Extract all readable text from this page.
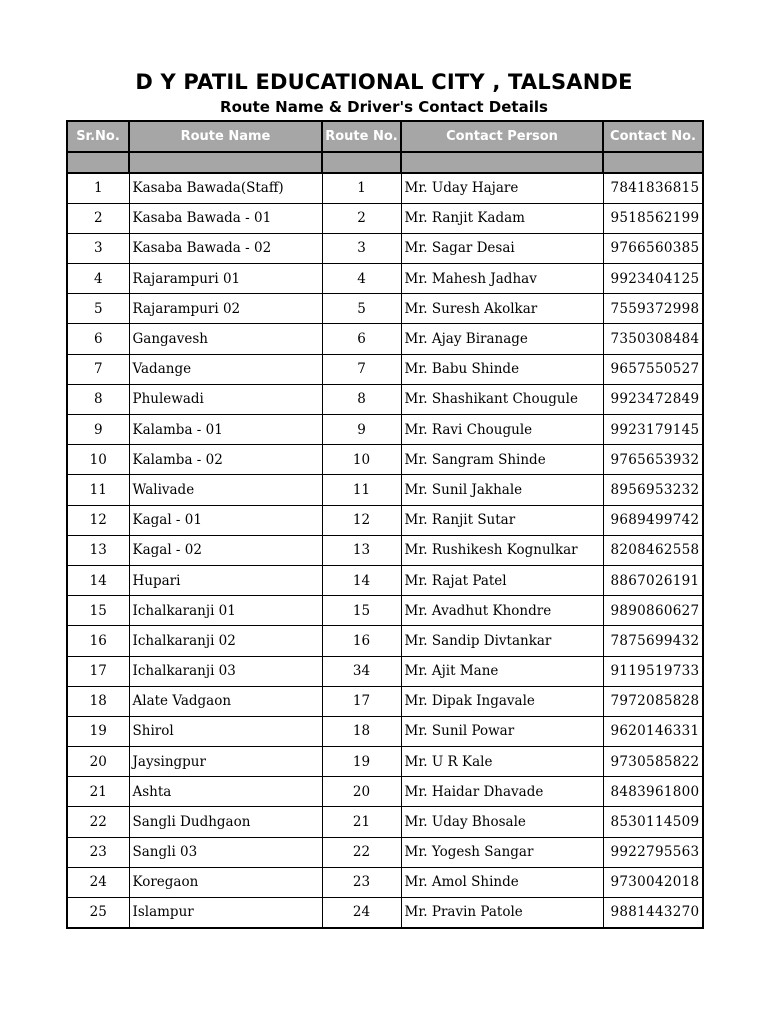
D Y PATIL EDUCATIONAL CITY , TALSANDE
Route Name & Driver's Contact Details
Sr.No.	Route Name	Route No.	Contact Person	Contact No.

1	Kasaba Bawada(Staff)	1	Mr. Uday Hajare	7841836815
2	Kasaba Bawada - 01	2	Mr. Ranjit Kadam	9518562199
3	Kasaba Bawada - 02	3	Mr. Sagar Desai	9766560385
4	Rajarampuri 01	4	Mr. Mahesh Jadhav	9923404125
5	Rajarampuri 02	5	Mr. Suresh Akolkar	7559372998
6	Gangavesh	6	Mr. Ajay Biranage	7350308484
7	Vadange	7	Mr. Babu Shinde	9657550527
8	Phulewadi	8	Mr. Shashikant Chougule	9923472849
9	Kalamba - 01	9	Mr. Ravi Chougule	9923179145
10	Kalamba - 02	10	Mr. Sangram Shinde	9765653932
11	Walivade	11	Mr. Sunil Jakhale	8956953232
12	Kagal - 01	12	Mr. Ranjit Sutar	9689499742
13	Kagal - 02	13	Mr. Rushikesh Kognulkar	8208462558
14	Hupari	14	Mr. Rajat Patel	8867026191
15	Ichalkaranji 01	15	Mr. Avadhut Khondre	9890860627
16	Ichalkaranji 02	16	Mr. Sandip Divtankar	7875699432
17	Ichalkaranji 03	34	Mr. Ajit Mane	9119519733
18	Alate Vadgaon	17	Mr. Dipak Ingavale	7972085828
19	Shirol	18	Mr. Sunil Powar	9620146331
20	Jaysingpur	19	Mr. U R Kale	9730585822
21	Ashta	20	Mr. Haidar Dhavade	8483961800
22	Sangli Dudhgaon	21	Mr. Uday Bhosale	8530114509
23	Sangli 03	22	Mr. Yogesh Sangar	9922795563
24	Koregaon	23	Mr. Amol Shinde	9730042018
25	Islampur	24	Mr. Pravin Patole	9881443270
